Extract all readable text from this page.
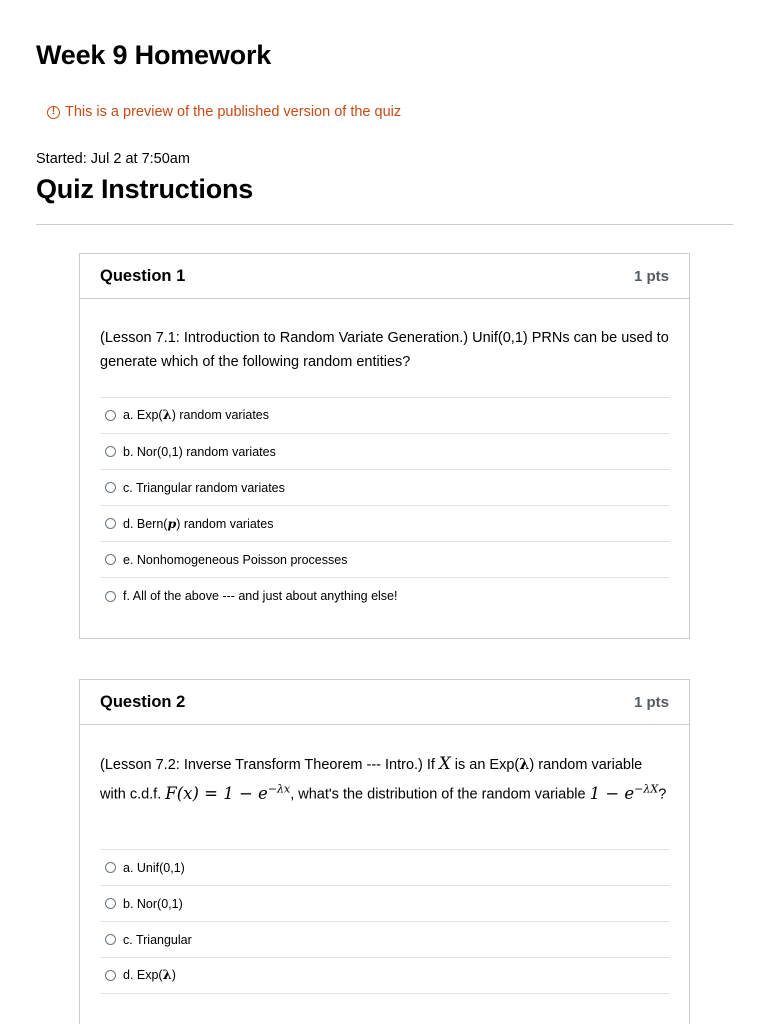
Week 9 Homework
! This is a preview of the published version of the quiz
Started: Jul 2 at 7:50am
Quiz Instructions
Question 1	1 pts
(Lesson 7.1: Introduction to Random Variate Generation.) Unif(0,1) PRNs can be used to generate which of the following random entities?
a. Exp(λ) random variates
b. Nor(0,1) random variates
c. Triangular random variates
d. Bern(p) random variates
e. Nonhomogeneous Poisson processes
f. All of the above --- and just about anything else!
Question 2	1 pts
(Lesson 7.2: Inverse Transform Theorem --- Intro.) If X is an Exp(λ) random variable with c.d.f. $F(x) = 1 - e^{-\lambda x}$, what's the distribution of the random variable $1 - e^{-\lambda X}$?
a. Unif(0,1)
b. Nor(0,1)
c. Triangular
d. Exp(λ)
